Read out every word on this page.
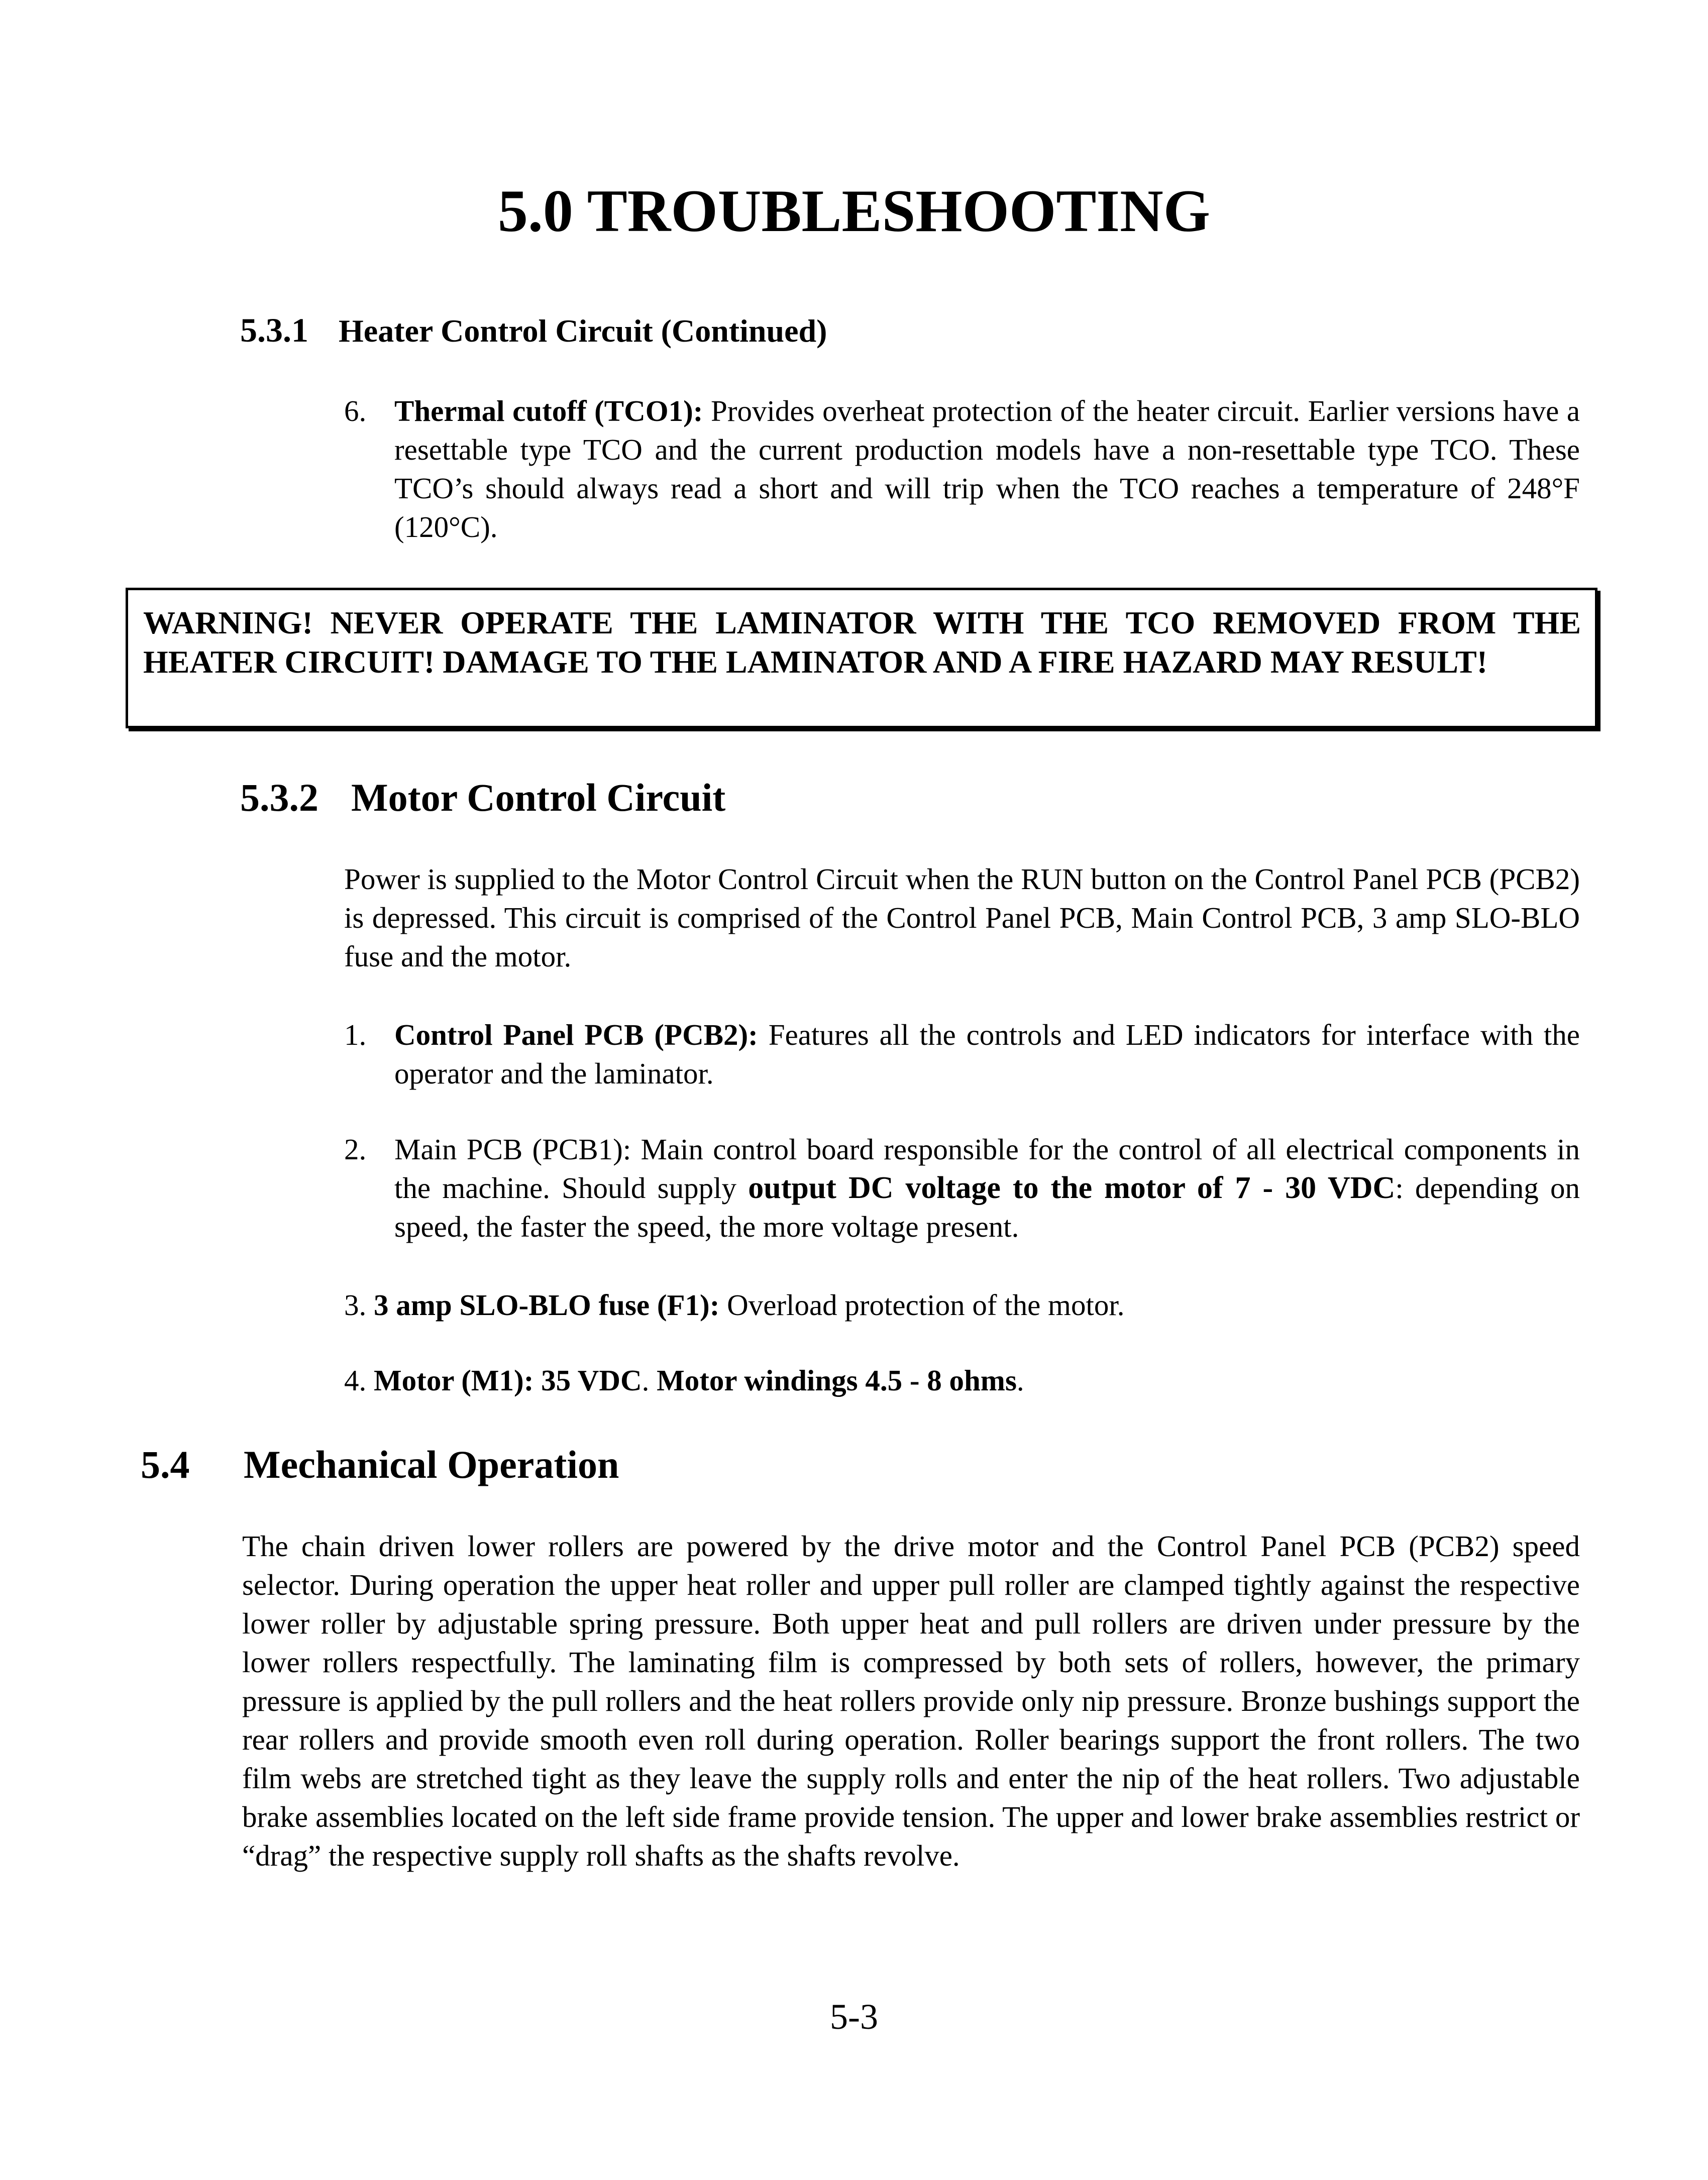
5.0 TROUBLESHOOTING
5.3.1 Heater Control Circuit (Continued)
6. Thermal cutoff (TCO1): Provides overheat protection of the heater circuit. Earlier versions have a resettable type TCO and the current production models have a non-resettable type TCO. These TCO’s should always read a short and will trip when the TCO reaches a temperature of 248°F (120°C).
WARNING! NEVER OPERATE THE LAMINATOR WITH THE TCO REMOVED FROM THE HEATER CIRCUIT! DAMAGE TO THE LAMINATOR AND A FIRE HAZARD MAY RESULT!
5.3.2 Motor Control Circuit
Power is supplied to the Motor Control Circuit when the RUN button on the Control Panel PCB (PCB2) is depressed. This circuit is comprised of the Control Panel PCB, Main Control PCB, 3 amp SLO-BLO fuse and the motor.
1. Control Panel PCB (PCB2): Features all the controls and LED indicators for interface with the operator and the laminator.
2. Main PCB (PCB1): Main control board responsible for the control of all electrical components in the machine. Should supply output DC voltage to the motor of 7 - 30 VDC: depending on speed, the faster the speed, the more voltage present.
3. 3 amp SLO-BLO fuse (F1): Overload protection of the motor.
4. Motor (M1): 35 VDC. Motor windings 4.5 - 8 ohms.
5.4 Mechanical Operation
The chain driven lower rollers are powered by the drive motor and the Control Panel PCB (PCB2) speed selector. During operation the upper heat roller and upper pull roller are clamped tightly against the respective lower roller by adjustable spring pressure. Both upper heat and pull rollers are driven under pressure by the lower rollers respectfully. The laminating film is compressed by both sets of rollers, however, the primary pressure is applied by the pull rollers and the heat rollers provide only nip pressure. Bronze bushings support the rear rollers and provide smooth even roll during operation. Roller bearings support the front rollers. The two film webs are stretched tight as they leave the supply rolls and enter the nip of the heat rollers. Two adjustable brake assemblies located on the left side frame provide tension. The upper and lower brake assemblies restrict or “drag” the respective supply roll shafts as the shafts revolve.
5-3
